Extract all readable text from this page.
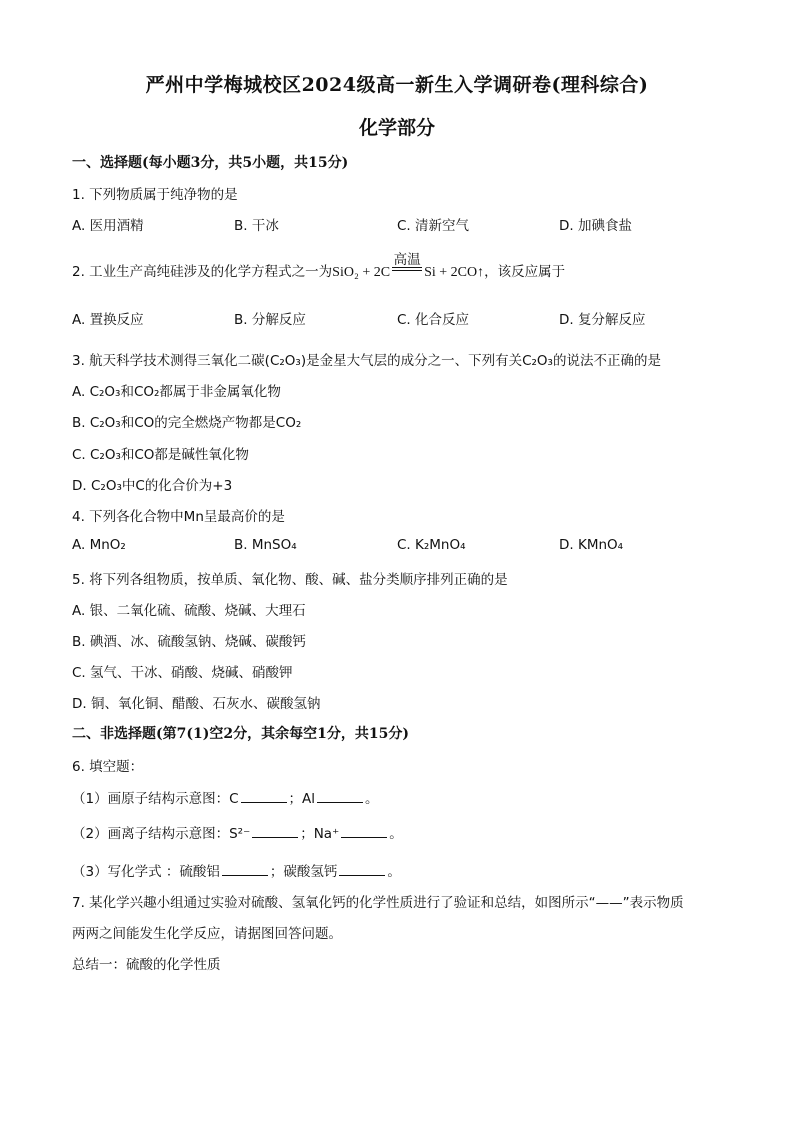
严州中学梅城校区2024级高一新生入学调研卷(理科综合)
化学部分
一、选择题(每小题3分，共5小题，共15分)
1. 下列物质属于纯净物的是
A. 医用酒精	B. 干冰	C. 清新空气	D. 加碘食盐
2. 工业生产高纯硅涉及的化学方程式之一为SiO₂ + 2C
高温
Si + 2CO↑，该反应属于
A. 置换反应	B. 分解反应	C. 化合反应	D. 复分解反应
3. 航天科学技术测得三氧化二碳(C₂O₃)是金星大气层的成分之一、下列有关C₂O₃的说法不正确的是
A. C₂O₃和CO₂都属于非金属氧化物
B. C₂O₃和CO的完全燃烧产物都是CO₂
C. C₂O₃和CO都是碱性氧化物
D. C₂O₃中C的化合价为+3
4. 下列各化合物中Mn呈最高价的是
A. MnO₂	B. MnSO₄	C. K₂MnO₄	D. KMnO₄
5. 将下列各组物质，按单质、氧化物、酸、碱、盐分类顺序排列正确的是
A. 银、二氧化硫、硫酸、烧碱、大理石
B. 碘酒、冰、硫酸氢钠、烧碱、碳酸钙
C. 氢气、干冰、硝酸、烧碱、硝酸钾
D. 铜、氧化铜、醋酸、石灰水、碳酸氢钠
二、非选择题(第7(1)空2分，其余每空1分，共15分)
6. 填空题：
（1）画原子结构示意图：C	；Al	。
（2）画离子结构示意图：S²⁻	；Na⁺	。
（3）写化学式 ：硫酸铝	；碳酸氢钙	。
7. 某化学兴趣小组通过实验对硫酸、氢氧化钙的化学性质进行了验证和总结，如图所示“——”表示物质
两两之间能发生化学反应，请据图回答问题。
总结一：硫酸的化学性质
